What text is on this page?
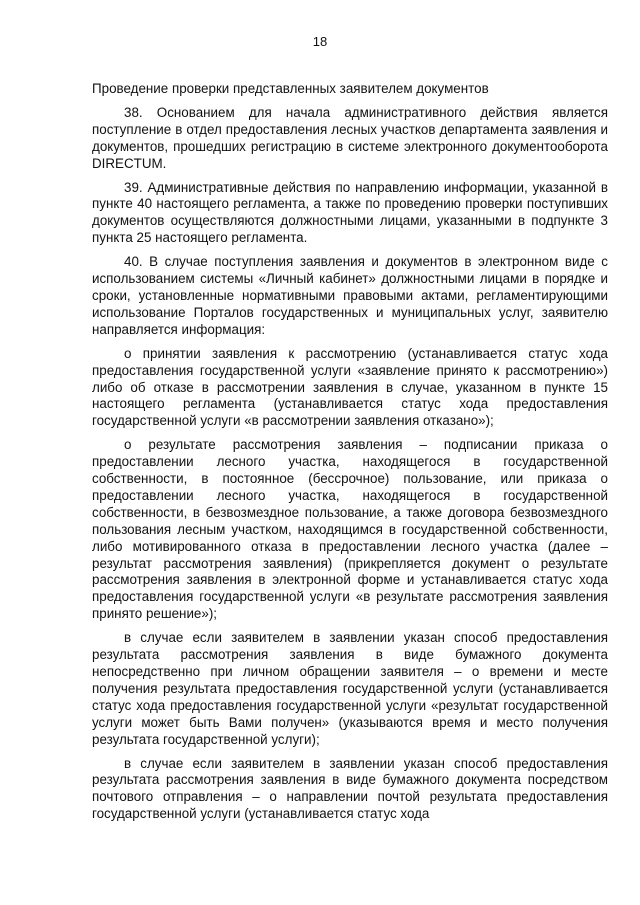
18
Проведение проверки представленных заявителем документов

38. Основанием для начала административного действия является поступление в отдел предоставления лесных участков департамента заявления и документов, прошедших регистрацию в системе электронного документооборота DIRECTUM.

39. Административные действия по направлению информации, указанной в пункте 40 настоящего регламента, а также по проведению проверки поступивших документов осуществляются должностными лицами, указанными в подпункте 3 пункта 25 настоящего регламента.

40. В случае поступления заявления и документов в электронном виде с использованием системы «Личный кабинет» должностными лицами в порядке и сроки, установленные нормативными правовыми актами, регламентирующими использование Порталов государственных и муниципальных услуг, заявителю направляется информация:

о принятии заявления к рассмотрению (устанавливается статус хода предоставления государственной услуги «заявление принято к рассмотрению») либо об отказе в рассмотрении заявления в случае, указанном в пункте 15 настоящего регламента (устанавливается статус хода предоставления государственной услуги «в рассмотрении заявления отказано»);

о результате рассмотрения заявления – подписании приказа о предоставлении лесного участка, находящегося в государственной собственности, в постоянное (бессрочное) пользование, или приказа о предоставлении лесного участка, находящегося в государственной собственности, в безвозмездное пользование, а также договора безвозмездного пользования лесным участком, находящимся в государственной собственности, либо мотивированного отказа в предоставлении лесного участка (далее – результат рассмотрения заявления) (прикрепляется документ о результате рассмотрения заявления в электронной форме и устанавливается статус хода предоставления государственной услуги «в результате рассмотрения заявления принято решение»);

в случае если заявителем в заявлении указан способ предоставления результата рассмотрения заявления в виде бумажного документа непосредственно при личном обращении заявителя – о времени и месте получения результата предоставления государственной услуги (устанавливается статус хода предоставления государственной услуги «результат государственной услуги может быть Вами получен» (указываются время и место получения результата государственной услуги);

в случае если заявителем в заявлении указан способ предоставления результата рассмотрения заявления в виде бумажного документа посредством почтового отправления – о направлении почтой результата предоставления государственной услуги (устанавливается статус хода
